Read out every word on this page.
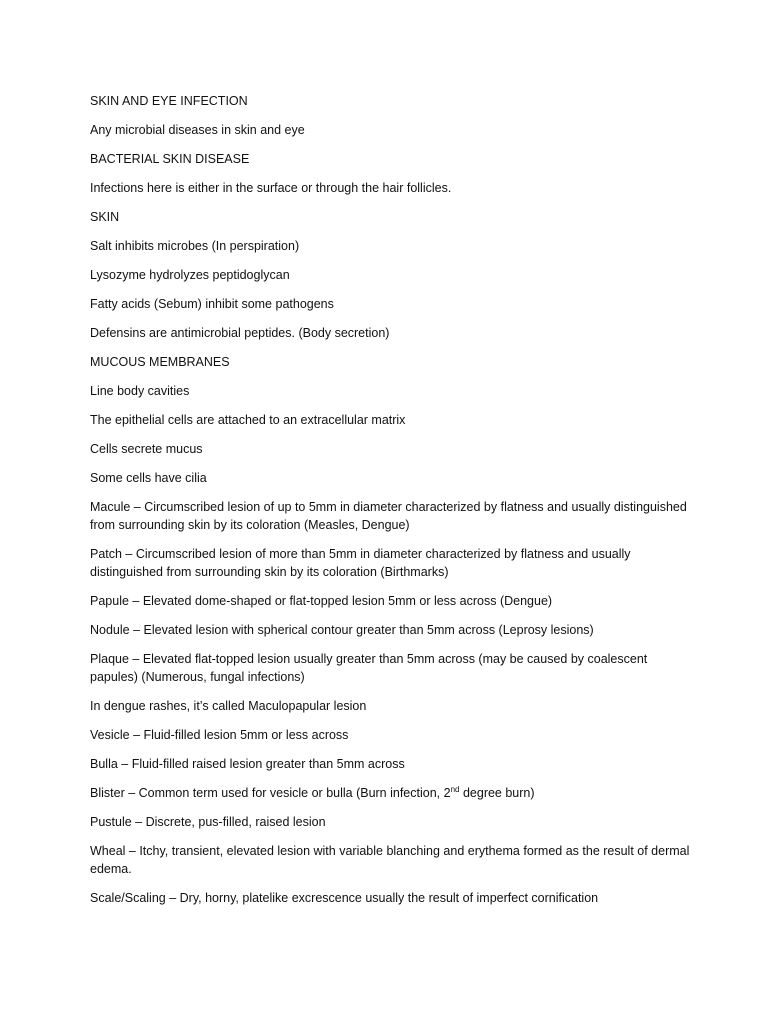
SKIN AND EYE INFECTION

Any microbial diseases in skin and eye

BACTERIAL SKIN DISEASE

Infections here is either in the surface or through the hair follicles.

SKIN

Salt inhibits microbes (In perspiration)

Lysozyme hydrolyzes peptidoglycan

Fatty acids (Sebum) inhibit some pathogens

Defensins are antimicrobial peptides. (Body secretion)

MUCOUS MEMBRANES

Line body cavities

The epithelial cells are attached to an extracellular matrix

Cells secrete mucus

Some cells have cilia

Macule – Circumscribed lesion of up to 5mm in diameter characterized by flatness and usually distinguished from surrounding skin by its coloration (Measles, Dengue)

Patch – Circumscribed lesion of more than 5mm in diameter characterized by flatness and usually distinguished from surrounding skin by its coloration (Birthmarks)

Papule – Elevated dome-shaped or flat-topped lesion 5mm or less across (Dengue)

Nodule – Elevated lesion with spherical contour greater than 5mm across (Leprosy lesions)

Plaque – Elevated flat-topped lesion usually greater than 5mm across (may be caused by coalescent papules) (Numerous, fungal infections)

In dengue rashes, it’s called Maculopapular lesion

Vesicle – Fluid-filled lesion 5mm or less across

Bulla – Fluid-filled raised lesion greater than 5mm across

Blister – Common term used for vesicle or bulla (Burn infection, 2nd degree burn)

Pustule – Discrete, pus-filled, raised lesion

Wheal – Itchy, transient, elevated lesion with variable blanching and erythema formed as the result of dermal edema.

Scale/Scaling – Dry, horny, platelike excrescence usually the result of imperfect cornification
